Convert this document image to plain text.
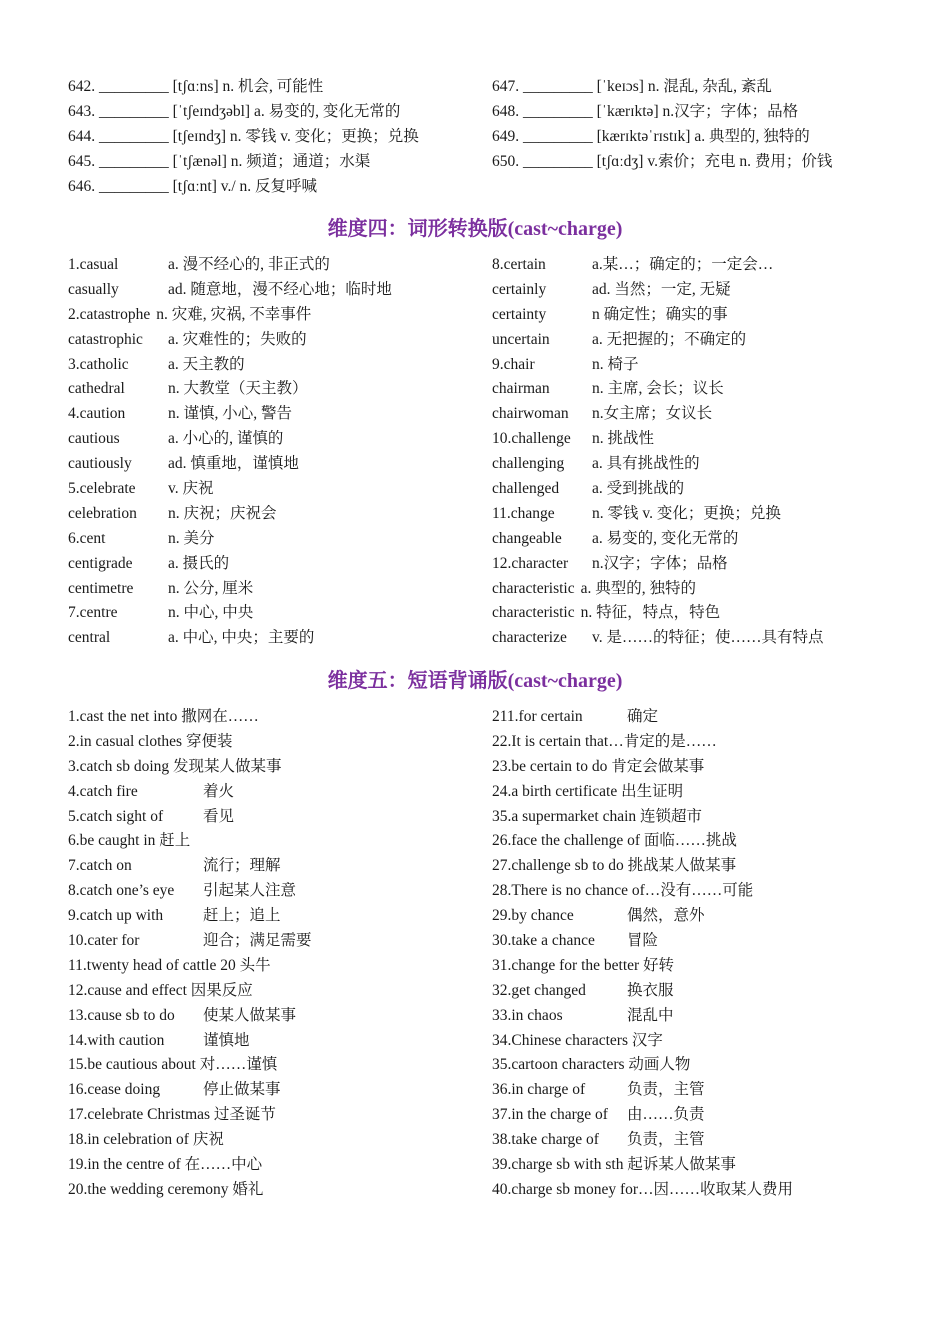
642. _________ [tʃɑːns] n. 机会, 可能性
643. _________ [ˈtʃeɪndʒəbl] a. 易变的, 变化无常的
644. _________ [tʃeɪndʒ] n. 零钱 v. 变化；更换；兑换
645. _________ [ˈtʃænəl] n. 频道；通道；水渠
646. _________ [tʃɑːnt] v./ n. 反复呼喊
647. _________ [ˈkeɪɔs] n. 混乱, 杂乱, 紊乱
648. _________ [ˈkærɪktə] n.汉字；字体；品格
649. _________ [kærɪktəˈrɪstɪk] a. 典型的, 独特的
650. _________ [tʃɑːdʒ] v.索价；充电 n. 费用；价钱
维度四：词形转换版(cast~charge)
1.casual	a. 漫不经心的, 非正式的
casually	ad. 随意地，漫不经心地；临时地
2.catastrophe n. 灾难, 灾祸, 不幸事件
catastrophic a. 灾难性的；失败的
3.catholic	a. 天主教的
cathedral	n. 大教堂（天主教）
4.caution	n. 谨慎, 小心, 警告
cautious	a. 小心的, 谨慎的
cautiously ad. 慎重地，谨慎地
5.celebrate v. 庆祝
celebration n. 庆祝；庆祝会
6.cent	n. 美分
centigrade a. 摄氏的
centimetre n. 公分, 厘米
7.centre	n. 中心, 中央
central	a. 中心, 中央；主要的
8.certain	a.某…；确定的；一定会…
certainly	ad. 当然；一定, 无疑
certainty	n 确定性；确实的事
uncertain	a. 无把握的；不确定的
9.chair	n. 椅子
chairman	n. 主席, 会长；议长
chairwoman n.女主席；女议长
10.challenge n. 挑战性
challenging a. 具有挑战性的
challenged a. 受到挑战的
11.change n. 零钱 v. 变化；更换；兑换
changeable a. 易变的, 变化无常的
12.character n.汉字；字体；品格
characteristic a. 典型的, 独特的
characteristic n. 特征，特点，特色
characterize v. 是……的特征；使……具有特点
维度五：短语背诵版(cast~charge)
1.cast the net into 撒网在……
2.in casual clothes 穿便装
3.catch sb doing 发现某人做某事
4.catch fire	着火
5.catch sight of	看见
6.be caught in 赶上
7.catch on	流行；理解
8.catch one’s eye 引起某人注意
9.catch up with	赶上；追上
10.cater for	迎合；满足需要
11.twenty head of cattle 20 头牛
12.cause and effect 因果反应
13.cause sb to do 使某人做某事
14.with caution 谨慎地
15.be cautious about 对……谨慎
16.cease doing	停止做某事
17.celebrate Christmas 过圣诞节
18.in celebration of 庆祝
19.in the centre of 在……中心
20.the wedding ceremony 婚礼
211.for certain	确定
22.It is certain that…肯定的是……
23.be certain to do 肯定会做某事
24.a birth certificate 出生证明
35.a supermarket chain 连锁超市
26.face the challenge of 面临……挑战
27.challenge sb to do 挑战某人做某事
28.There is no chance of…没有……可能
29.by chance	偶然，意外
30.take a chance 冒险
31.change for the better 好转
32.get changed	换衣服
33.in chaos	混乱中
34.Chinese characters 汉字
35.cartoon characters 动画人物
36.in charge of	负责，主管
37.in the charge of 由……负责
38.take charge of 负责，主管
39.charge sb with sth 起诉某人做某事
40.charge sb money for…因……收取某人费用
